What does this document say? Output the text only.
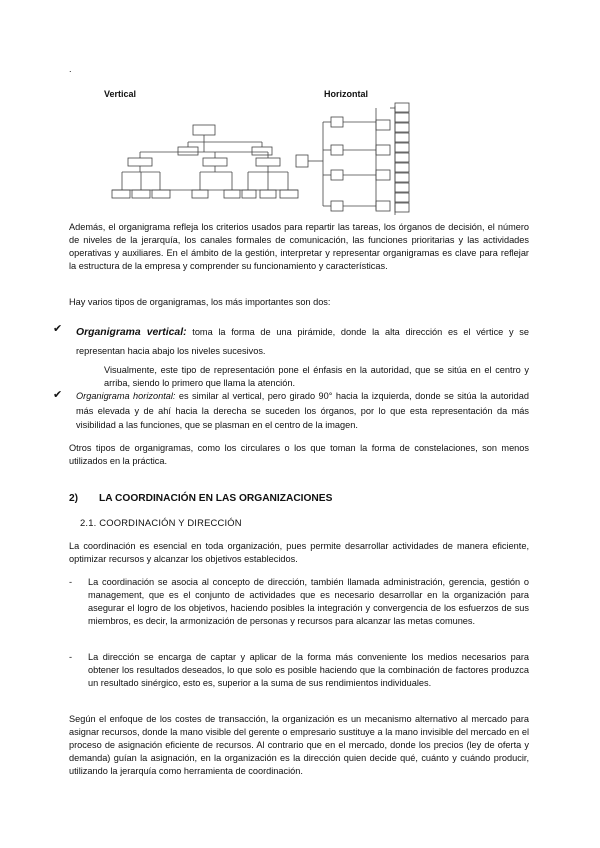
.
Vertical	Horizontal

Además, el organigrama refleja los criterios usados para repartir las tareas, los órganos de decisión, el número de niveles de la jerarquía, los canales formales de comunicación, las funciones prioritarias y las actividades operativas y auxiliares. En el ámbito de la gestión, interpretar y representar organigramas es clave para reflejar la estructura de la empresa y comprender su funcionamiento y características.

Hay varios tipos de organigramas, los más importantes son dos:

✔ Organigrama vertical: toma la forma de una pirámide, donde la alta dirección es el vértice y se representan hacia abajo los niveles sucesivos.

Visualmente, este tipo de representación pone el énfasis en la autoridad, que se sitúa en el centro y arriba, siendo lo primero que llama la atención.

✔ Organigrama horizontal: es similar al vertical, pero girado 90° hacia la izquierda, donde se sitúa la autoridad más elevada y de ahí hacia la derecha se suceden los órganos, por lo que esta representación da más visibilidad a las funciones, que se plasman en el centro de la imagen.

Otros tipos de organigramas, como los circulares o los que toman la forma de constelaciones, son menos utilizados en la práctica.

2) LA COORDINACIÓN EN LAS ORGANIZACIONES
2.1. COORDINACIÓN Y DIRECCIÓN

La coordinación es esencial en toda organización, pues permite desarrollar actividades de manera eficiente, optimizar recursos y alcanzar los objetivos establecidos.

- La coordinación se asocia al concepto de dirección, también llamada administración, gerencia, gestión o management, que es el conjunto de actividades que es necesario desarrollar en la organización para asegurar el logro de los objetivos, haciendo posibles la integración y convergencia de los esfuerzos de sus miembros, es decir, la armonización de personas y recursos para alcanzar las metas comunes.
- La dirección se encarga de captar y aplicar de la forma más conveniente los medios necesarios para obtener los resultados deseados, lo que solo es posible haciendo que la combinación de factores produzca un resultado sinérgico, esto es, superior a la suma de sus rendimientos individuales.

Según el enfoque de los costes de transacción, la organización es un mecanismo alternativo al mercado para asignar recursos, donde la mano visible del gerente o empresario sustituye a la mano invisible del mercado en el proceso de asignación eficiente de recursos. Al contrario que en el mercado, donde los precios (ley de oferta y demanda) guían la asignación, en la organización es la dirección quien decide qué, cuánto y cuándo producir, utilizando la jerarquía como herramienta de coordinación.
